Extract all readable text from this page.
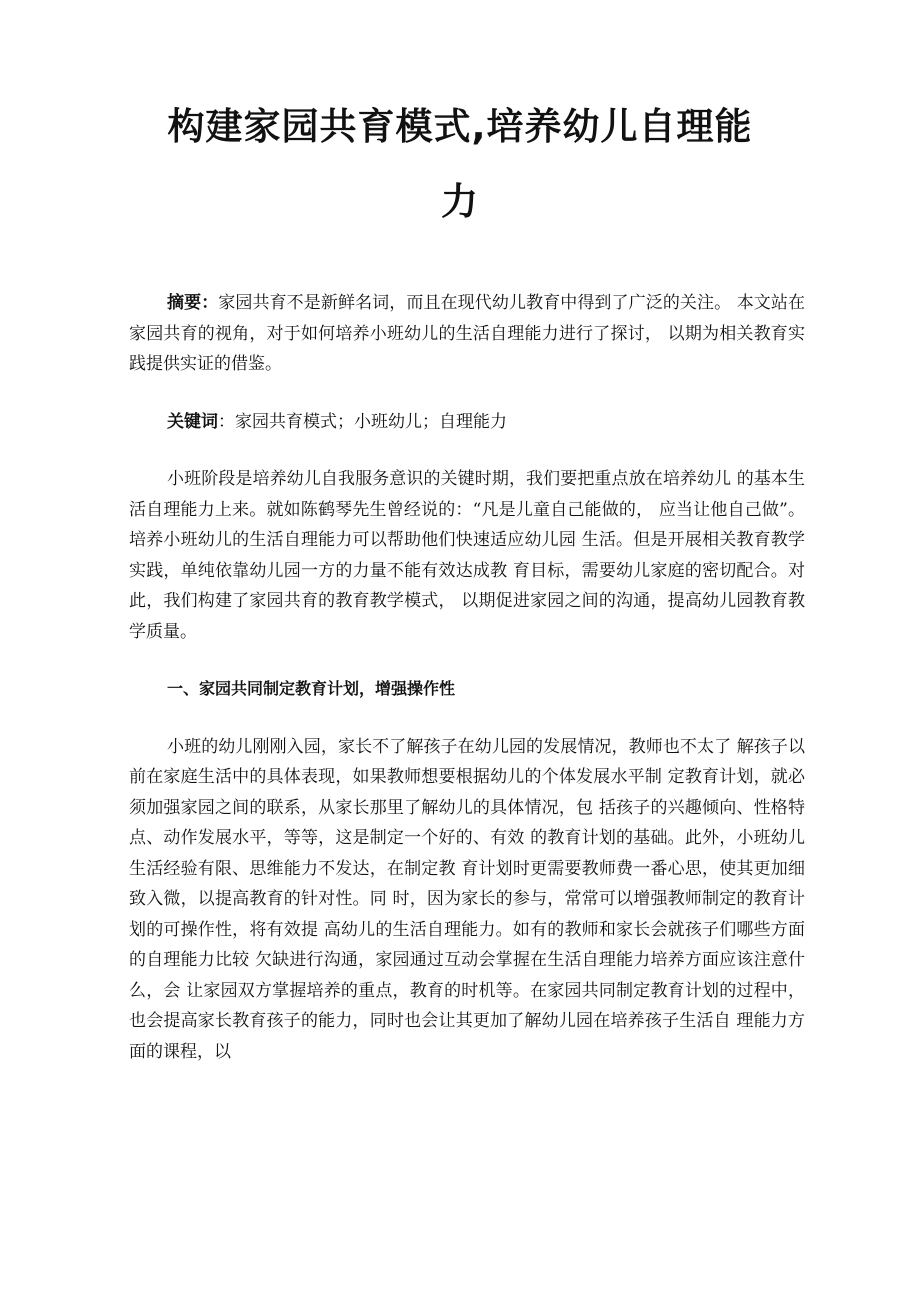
构建家园共育模式,培养幼儿自理能
力

摘要：家园共育不是新鲜名词，而且在现代幼儿教育中得到了广泛的关注。 本文站在家园共育的视角，对于如何培养小班幼儿的生活自理能力进行了探讨， 以期为相关教育实践提供实证的借鉴。

关键词：家园共育模式；小班幼儿；自理能力

小班阶段是培养幼儿自我服务意识的关键时期，我们要把重点放在培养幼儿 的基本生活自理能力上来。就如陈鹤琴先生曾经说的：“凡是儿童自己能做的， 应当让他自己做”。培养小班幼儿的生活自理能力可以帮助他们快速适应幼儿园 生活。但是开展相关教育教学实践，单纯依靠幼儿园一方的力量不能有效达成教 育目标，需要幼儿家庭的密切配合。对此，我们构建了家园共育的教育教学模式， 以期促进家园之间的沟通，提高幼儿园教育教学质量。

一、家园共同制定教育计划，增强操作性

小班的幼儿刚刚入园，家长不了解孩子在幼儿园的发展情况，教师也不太了 解孩子以前在家庭生活中的具体表现，如果教师想要根据幼儿的个体发展水平制 定教育计划，就必须加强家园之间的联系，从家长那里了解幼儿的具体情况，包 括孩子的兴趣倾向、性格特点、动作发展水平，等等，这是制定一个好的、有效 的教育计划的基础。此外，小班幼儿生活经验有限、思维能力不发达，在制定教 育计划时更需要教师费一番心思，使其更加细致入微，以提高教育的针对性。同 时，因为家长的参与，常常可以增强教师制定的教育计划的可操作性，将有效提 高幼儿的生活自理能力。如有的教师和家长会就孩子们哪些方面的自理能力比较 欠缺进行沟通，家园通过互动会掌握在生活自理能力培养方面应该注意什么，会 让家园双方掌握培养的重点，教育的时机等。在家园共同制定教育计划的过程中， 也会提高家长教育孩子的能力，同时也会让其更加了解幼儿园在培养孩子生活自 理能力方面的课程，以
